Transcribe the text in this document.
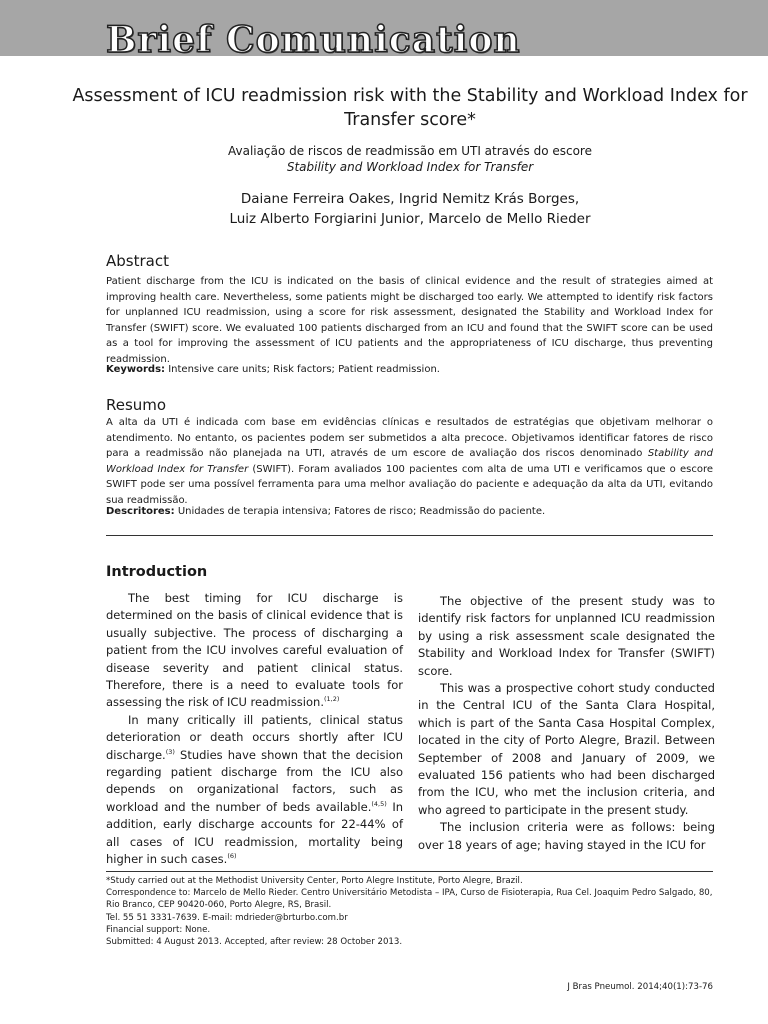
Brief Comunication
Assessment of ICU readmission risk with the Stability and Workload Index for Transfer score*
Avaliação de riscos de readmissão em UTI através do escore
Stability and Workload Index for Transfer
Daiane Ferreira Oakes, Ingrid Nemitz Krás Borges,
Luiz Alberto Forgiarini Junior, Marcelo de Mello Rieder
Abstract

Patient discharge from the ICU is indicated on the basis of clinical evidence and the result of strategies aimed at improving health care. Nevertheless, some patients might be discharged too early. We attempted to identify risk factors for unplanned ICU readmission, using a score for risk assessment, designated the Stability and Workload Index for Transfer (SWIFT) score. We evaluated 100 patients discharged from an ICU and found that the SWIFT score can be used as a tool for improving the assessment of ICU patients and the appropriateness of ICU discharge, thus preventing readmission.

Keywords: Intensive care units; Risk factors; Patient readmission.

Resumo

A alta da UTI é indicada com base em evidências clínicas e resultados de estratégias que objetivam melhorar o atendimento. No entanto, os pacientes podem ser submetidos a alta precoce. Objetivamos identificar fatores de risco para a readmissão não planejada na UTI, através de um escore de avaliação dos riscos denominado Stability and Workload Index for Transfer (SWIFT). Foram avaliados 100 pacientes com alta de uma UTI e verificamos que o escore SWIFT pode ser uma possível ferramenta para uma melhor avaliação do paciente e adequação da alta da UTI, evitando sua readmissão.

Descritores: Unidades de terapia intensiva; Fatores de risco; Readmissão do paciente.

Introduction

The best timing for ICU discharge is determined on the basis of clinical evidence that is usually subjective. The process of discharging a patient from the ICU involves careful evaluation of disease severity and patient clinical status. Therefore, there is a need to evaluate tools for assessing the risk of ICU readmission.$^{(1,2)}$

In many critically ill patients, clinical status deterioration or death occurs shortly after ICU discharge.$^{(3)}$ Studies have shown that the decision regarding patient discharge from the ICU also depends on organizational factors, such as workload and the number of beds available.$^{(4,5)}$ In addition, early discharge accounts for 22-44% of all cases of ICU readmission, mortality being higher in such cases.$^{(6)}$

The objective of the present study was to identify risk factors for unplanned ICU readmission by using a risk assessment scale designated the Stability and Workload Index for Transfer (SWIFT) score.

This was a prospective cohort study conducted in the Central ICU of the Santa Clara Hospital, which is part of the Santa Casa Hospital Complex, located in the city of Porto Alegre, Brazil. Between September of 2008 and January of 2009, we evaluated 156 patients who had been discharged from the ICU, who met the inclusion criteria, and who agreed to participate in the present study.

The inclusion criteria were as follows: being over 18 years of age; having stayed in the ICU for

*Study carried out at the Methodist University Center, Porto Alegre Institute, Porto Alegre, Brazil.
Correspondence to: Marcelo de Mello Rieder. Centro Universitário Metodista – IPA, Curso de Fisioterapia, Rua Cel. Joaquim Pedro Salgado, 80, Rio Branco, CEP 90420-060, Porto Alegre, RS, Brasil.
Tel. 55 51 3331-7639. E-mail: mdrieder@brturbo.com.br
Financial support: None.
Submitted: 4 August 2013. Accepted, after review: 28 October 2013.
J Bras Pneumol. 2014;40(1):73-76
